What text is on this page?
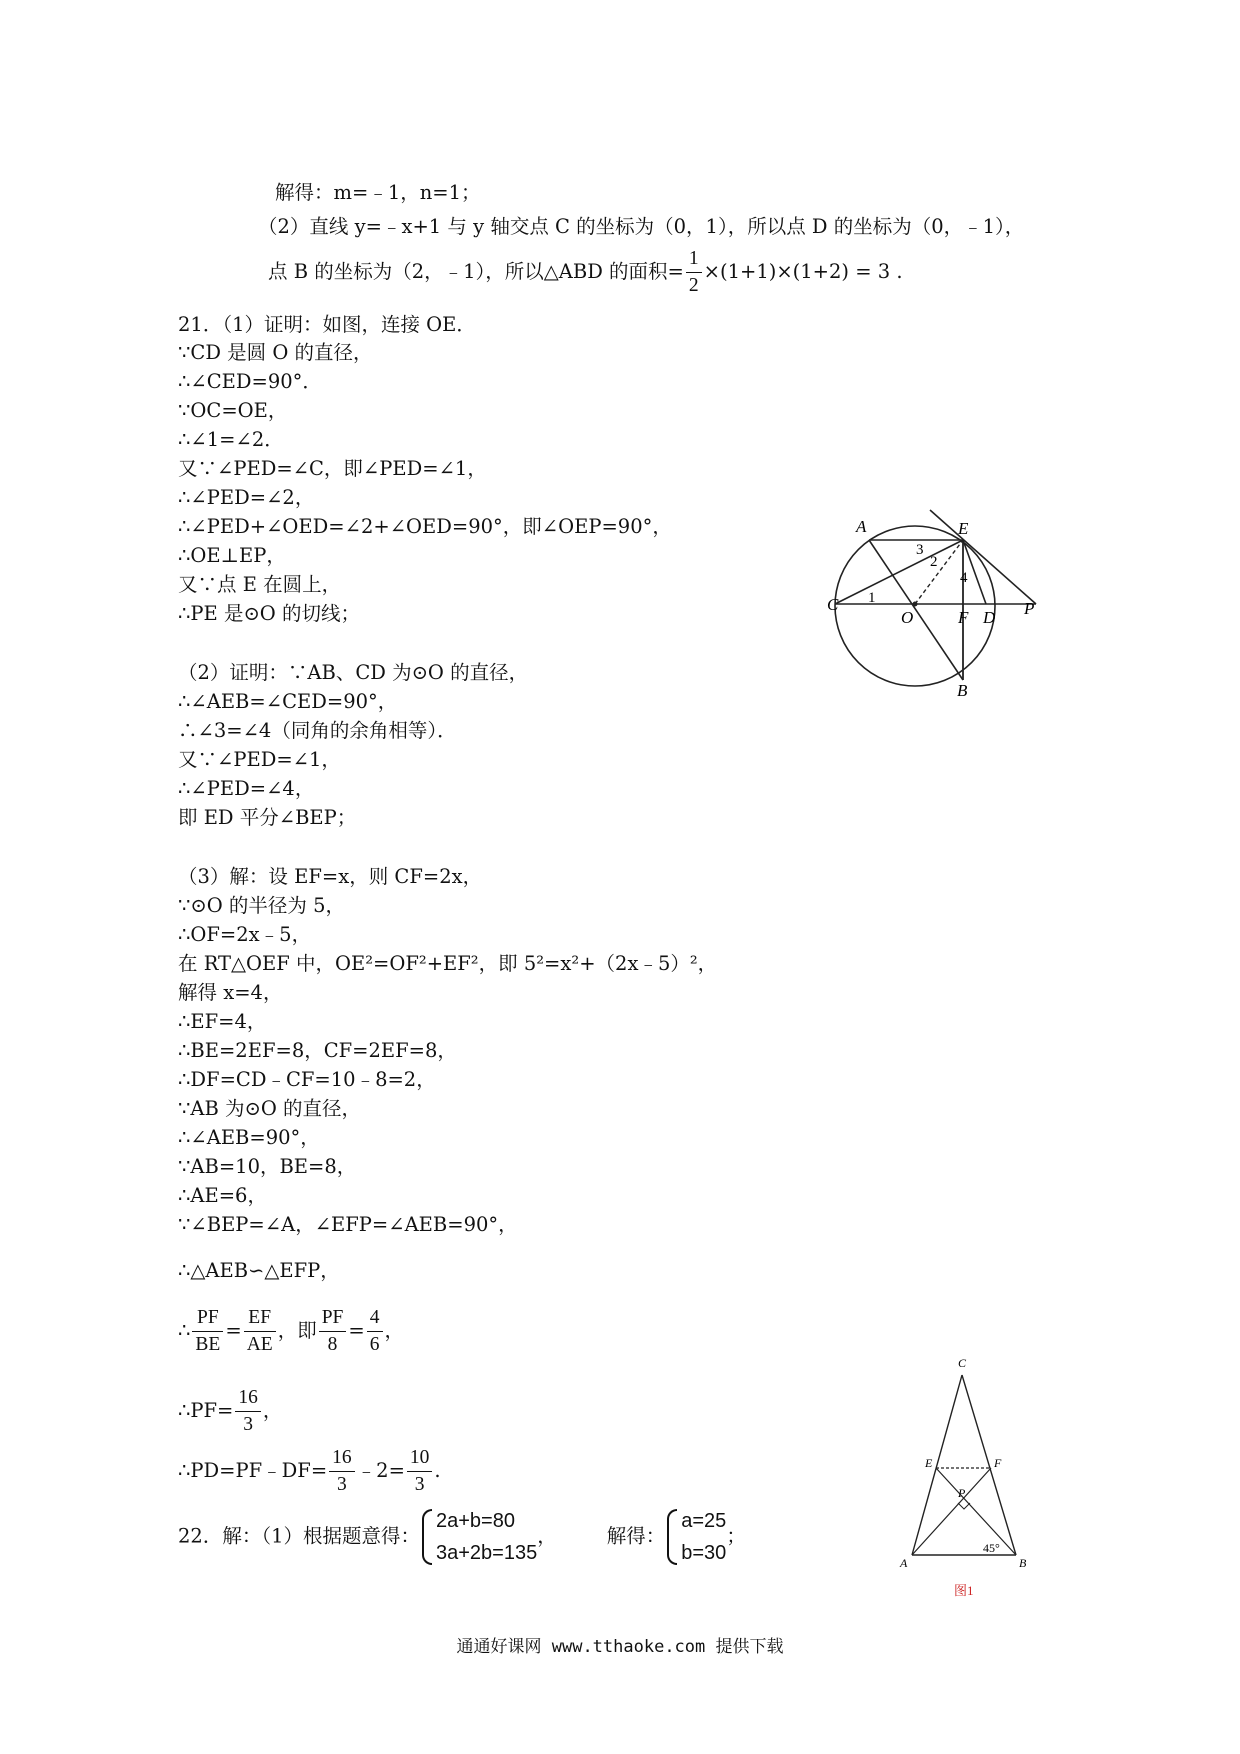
解得：m=﹣1，n=1；
（2）直线 y=﹣x+1 与 y 轴交点 C 的坐标为（0，1），所以点 D 的坐标为（0，﹣1），
点 B 的坐标为（2，﹣1），所以△ABD 的面积= $\frac{1}{2} \times(1+1)\times(1+2) = 3$ .
21．（1）证明：如图，连接 OE．
∵CD 是圆 O 的直径，
∴∠CED=90°．
∵OC=OE，
∴∠1=∠2．
又∵∠PED=∠C，即∠PED=∠1，
∴∠PED=∠2，
∴∠PED+∠OED=∠2+∠OED=90°，即∠OEP=90°，
∴OE⊥EP，
又∵点 E 在圆上，
∴PE 是⊙O 的切线；
（2）证明：∵AB、CD 为⊙O 的直径，
∴∠AEB=∠CED=90°，
∴∠3=∠4（同角的余角相等）．
又∵∠PED=∠1，
∴∠PED=∠4，
即 ED 平分∠BEP；
（3）解：设 EF=x，则 CF=2x，
∵⊙O 的半径为 5，
∴OF=2x﹣5，
在 RT△OEF 中，OE²=OF²+EF²，即 5²=x²+（2x﹣5）²，
解得 x=4，
∴EF=4，
∴BE=2EF=8，CF=2EF=8，
∴DF=CD﹣CF=10﹣8=2，
∵AB 为⊙O 的直径，
∴∠AEB=90°，
∵AB=10，BE=8，
∴AE=6，
∵∠BEP=∠A，∠EFP=∠AEB=90°，
∴△AEB∽△EFP，
∴ $\frac{PF}{BE} = \frac{EF}{AE}$ ，即 $\frac{PF}{8} = \frac{4}{6}$ ，
∴PF= $\frac{16}{3}$ ，
∴PD=PF﹣DF= $\frac{16}{3}$ ﹣2= $\frac{10}{3}$ .
22．解：（1）根据题意得：
2a+b=80
3a+2b=135
，	解得：
a=25
b=30
；
A	E
C
O	F D P
B
1
2
3
4
C
E	F
P
A	B
45°
图1
通通好课网 www.tthaoke.com 提供下载
